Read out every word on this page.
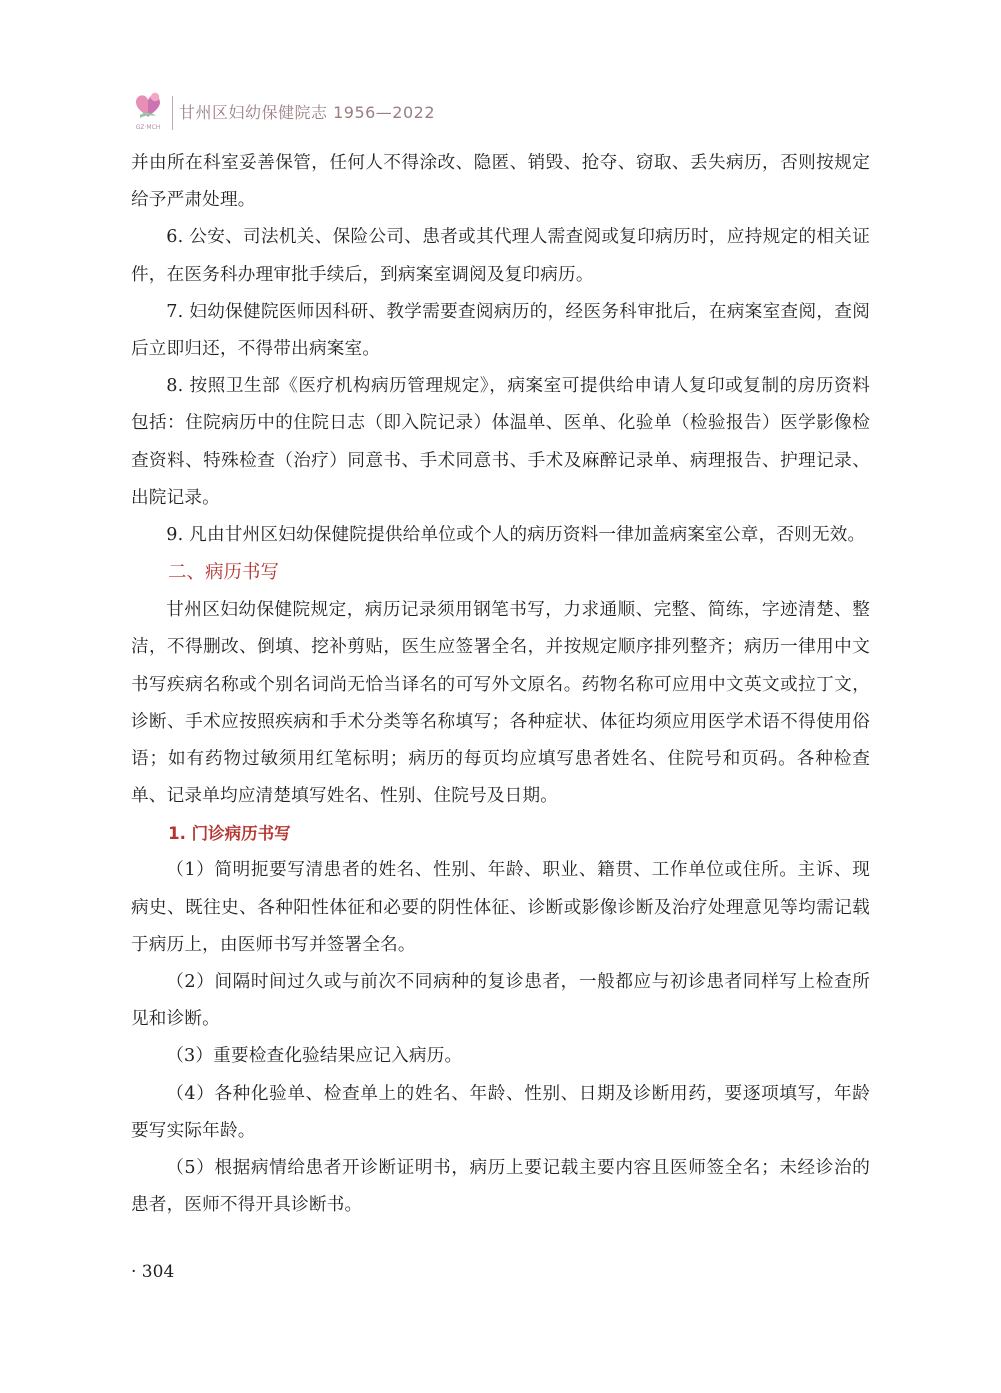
GZ·MCH
甘州区妇幼保健院志 1956—2022

并由所在科室妥善保管，任何人不得涂改、隐匿、销毁、抢夺、窃取、丢失病历，否则按规定给予严肃处理。

6. 公安、司法机关、保险公司、患者或其代理人需查阅或复印病历时，应持规定的相关证件，在医务科办理审批手续后，到病案室调阅及复印病历。

7. 妇幼保健院医师因科研、教学需要查阅病历的，经医务科审批后，在病案室查阅，查阅后立即归还，不得带出病案室。

8. 按照卫生部《医疗机构病历管理规定》，病案室可提供给申请人复印或复制的房历资料包括：住院病历中的住院日志（即入院记录）体温单、医单、化验单（检验报告）医学影像检查资料、特殊检查（治疗）同意书、手术同意书、手术及麻醉记录单、病理报告、护理记录、出院记录。

9. 凡由甘州区妇幼保健院提供给单位或个人的病历资料一律加盖病案室公章，否则无效。

二、病历书写

甘州区妇幼保健院规定，病历记录须用钢笔书写，力求通顺、完整、简练，字迹清楚、整洁，不得删改、倒填、挖补剪贴，医生应签署全名，并按规定顺序排列整齐；病历一律用中文书写疾病名称或个别名词尚无恰当译名的可写外文原名。药物名称可应用中文英文或拉丁文，诊断、手术应按照疾病和手术分类等名称填写；各种症状、体征均须应用医学术语不得使用俗语；如有药物过敏须用红笔标明；病历的每页均应填写患者姓名、住院号和页码。各种检查单、记录单均应清楚填写姓名、性别、住院号及日期。

1. 门诊病历书写

（1）简明扼要写清患者的姓名、性别、年龄、职业、籍贯、工作单位或住所。主诉、现病史、既往史、各种阳性体征和必要的阴性体征、诊断或影像诊断及治疗处理意见等均需记载于病历上，由医师书写并签署全名。

（2）间隔时间过久或与前次不同病种的复诊患者，一般都应与初诊患者同样写上检查所见和诊断。

（3）重要检查化验结果应记入病历。

（4）各种化验单、检查单上的姓名、年龄、性别、日期及诊断用药，要逐项填写，年龄要写实际年龄。

（5）根据病情给患者开诊断证明书，病历上要记载主要内容且医师签全名；未经诊治的患者，医师不得开具诊断书。

· 304
